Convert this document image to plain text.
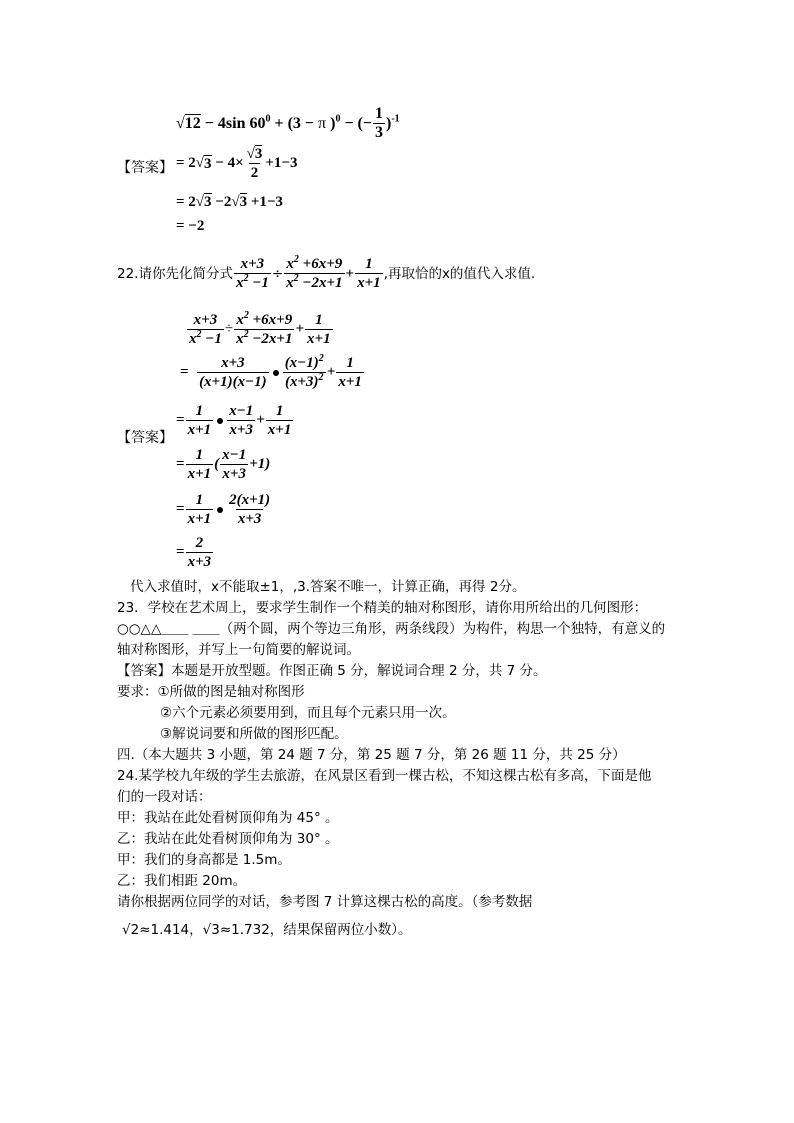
√12 − 4sin $60^0 + (3 - \pi$ )$^0$ − (− $\frac{1}{3} )^{-1}$
【答案】 = 2√ $3 - 4\times \frac{√3}{2} +1-3$
= 2√3 −2√3 +1−3
= −2
22.请你先化简分式 $\frac{x+3}{x^2 -1} \div \frac{x^2 +6x+9}{x^2 -2x+1} + \frac{1}{x+1}$ ,再取恰的x的值代入求值.
$\frac{x+3}{x^2 -1} \div \frac{x^2 +6x+9}{x^2 -2x+1} + \frac{1}{x+1}$
= $\frac{x+3}{(x+1)(x-1)} \frac{(x-1)^2}{(x+3)^2} + \frac{1}{x+1}$
【答案】
= $\frac{1}{x+1} \frac{x-1}{x+3} + \frac{1}{x+1}$
= $\frac{1}{x+1}$ ( $\frac{x-1}{x+3} +1$)
= $\frac{1}{x+1} \frac{2(x+1)}{x+3}$
= $\frac{2}{x+3}$
代入求值时，x不能取±1，,3.答案不唯一，计算正确，再得 2分。
23．学校在艺术周上，要求学生制作一个精美的轴对称图形，请你用所给出的几何图形：
○○△△＿＿ ＿＿（两个圆，两个等边三角形，两条线段）为构件，构思一个独特，有意义的
轴对称图形，并写上一句简要的解说词。
【答案】本题是开放型题。作图正确 5 分，解说词合理 2 分，共 7 分。
要求：①所做的图是轴对称图形
②六个元素必须要用到，而且每个元素只用一次。
③解说词要和所做的图形匹配。
四.（本大题共 3 小题，第 24 题 7 分，第 25 题 7 分，第 26 题 11 分，共 25 分）
24.某学校九年级的学生去旅游，在风景区看到一棵古松，不知这棵古松有多高，下面是他
们的一段对话：
甲：我站在此处看树顶仰角为 45° 。
乙：我站在此处看树顶仰角为 30° 。
甲：我们的身高都是 1.5m。
乙：我们相距 20m。
请你根据两位同学的对话，参考图 7 计算这棵古松的高度。（参考数据
√2≈1.414，√3≈1.732，结果保留两位小数）。
